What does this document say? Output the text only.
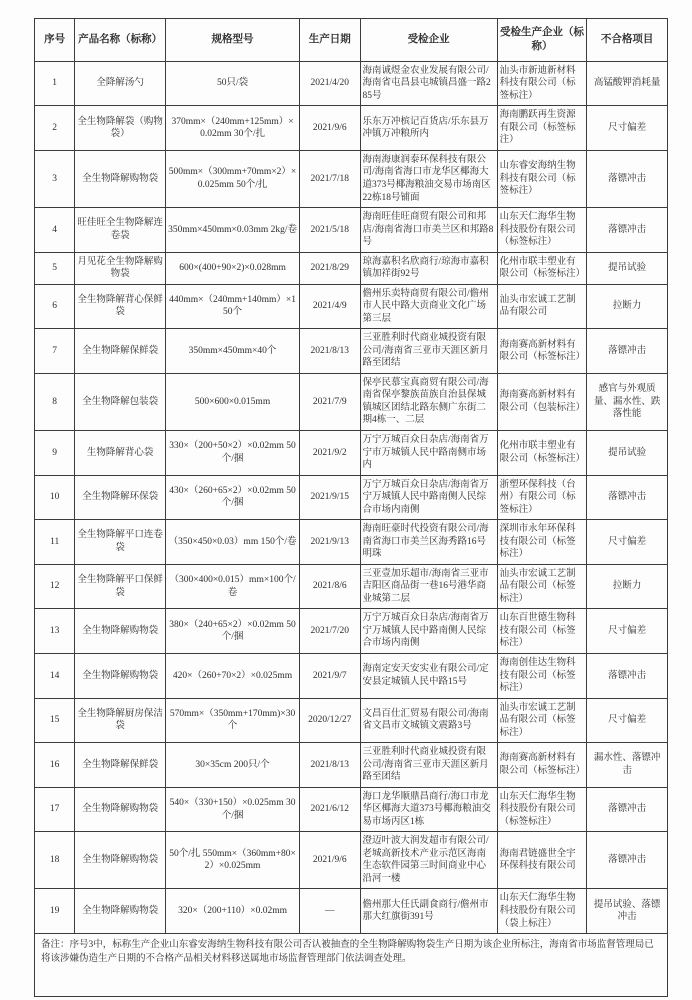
序号	产品名称（标称）	规格型号	生产日期	受检企业	受检生产企业（标称）	不合格项目
1	全降解汤勺	50只/袋	2021/4/20	海南诚煜金农业发展有限公司/海南省屯昌县屯城镇昌盛一路285号	汕头市新迪新材料科技有限公司（标签标注）	高锰酸钾消耗量
2	全生物降解袋（购物袋）	370mm×（240mm+125mm）×0.02mm 30个/扎	2021/9/6	乐东万冲槟记百货店/乐东县万冲镇万冲粮所内	海南鹏跃再生资源有限公司（标签标注）	尺寸偏差
3	全生物降解购物袋	500mm×（300mm+70mm×2）×0.025mm 50个/扎	2021/7/18	海南海康润泰环保科技有限公司/海南省海口市龙华区椰海大道373号椰海粮油交易市场南区22栋18号铺面	山东睿安海纳生物科技有限公司（标签标注）	落镖冲击
4	旺佳旺全生物降解连卷袋	350mm×450mm×0.03mm 2kg/卷	2021/5/18	海南旺佳旺商贸有限公司和邦店/海南省海口市美兰区和邦路8号	山东天仁海华生物科技股份有限公司（标签标注）	落镖冲击
5	月见花全生物降解购物袋	600×(400+90×2)×0.028mm	2021/8/29	琼海嘉积名欣商行/琼海市嘉积镇加祥街92号	化州市联丰塑业有限公司（标签标注）	提吊试验
6	全生物降解背心保鲜袋	440mm×（240mm+140mm）×150个	2021/4/9	儋州乐卖特商贸有限公司/儋州市人民中路大贡商业文化广场第三层	汕头市宏诚工艺制品有限公司	拉断力
7	全生物降解保鲜袋	350mm×450mm×40个	2021/8/13	三亚胜利时代商业城投资有限公司/海南省三亚市天涯区新月路至团结	海南赛高新材料有限公司（标签标注）	落镖冲击
8	全生物降解包装袋	500×600×0.015mm	2021/7/9	保亭民慕宝真商贸有限公司/海南省保亭黎族苗族自治县保城镇城区团结北路东侧广东街二期4栋一、二层	海南赛高新材料有限公司（包装标注）	感官与外观质量、漏水性、跌落性能
9	生物降解背心袋	330×（200+50×2）×0.02mm 50个/捆	2021/9/2	万宁万城百众日杂店/海南省万宁市万城镇人民中路南侧市场内	化州市联丰塑业有限公司（标签标注）	提吊试验
10	全生物降解环保袋	430×（260+65×2）×0.02mm 50个/捆	2021/9/15	万宁万城百众日杂店/海南省万宁万城镇人民中路南侧人民综合市场内南侧	浙塑环保科技（台州）有限公司（标签标注）	落镖冲击
11	全生物降解平口连卷袋	（350×450×0.03）mm 150个/卷	2021/9/13	海南旺豪时代投资有限公司/海南省海口市美兰区海秀路16号明珠	深圳市永年环保科技有限公司（标签标注）	尺寸偏差
12	全生物降解平口保鲜袋	（300×400×0.015）mm×100个/卷	2021/8/6	三亚壹加乐超市/海南省三亚市吉阳区商品街一巷16号港华商业城第二层	汕头市宏诚工艺制品有限公司（标签标注）	拉断力
13	全生物降解购物袋	380×（240+65×2）×0.02mm 50个/捆	2021/7/20	万宁万城百众日杂店/海南省万宁万城镇人民中路南侧人民综合市场内南侧	山东百世德生物科技有限公司（标签标注）	尺寸偏差
14	全生物降解购物袋	420×（260+70×2）×0.025mm	2021/9/7	海南定安天安实业有限公司/定安县定城镇人民中路15号	海南创佳达生物科技有限公司（标签标注）	落镖冲击
15	全生物降解厨房保洁袋	570mm×（350mm+170mm)×30个	2020/12/27	文昌百仕汇贸易有限公司/海南省文昌市文城镇文震路3号	汕头市宏诚工艺制品有限公司（标签标注）	尺寸偏差
16	全生物降解保鲜袋	30×35cm 200只/个	2021/8/13	三亚胜利时代商业城投资有限公司/海南省三亚市天涯区新月路至团结	海南赛高新材料有限公司（标签标注）	漏水性、落镖冲击
17	全生物降解购物袋	540×（330+150）×0.025mm 30个/捆	2021/6/12	海口龙华顺鼎昌商行/海口市龙华区椰海大道373号椰海粮油交易市场丙区1栋	山东天仁海华生物科技股份有限公司（标签标注）	落镖冲击
18	全生物降解购物袋	50个/扎 550mm×（360mm+80×2）×0.025mm	2021/9/6	澄迈叶波大润发超市有限公司/老城高新技术产业示范区海南生态软件园第三时间商业中心沿河一楼	海南君链盛世全宇环保科技有限公司	落镖冲击
19	全生物降解购物袋	320×（200+110）×0.02mm	—	儋州那大任氏副食商行/儋州市那大红旗街391号	山东天仁海华生物科技股份有限公司（袋上标注）	提吊试验、落镖冲击
备注：序号3中，标称生产企业山东睿安海纳生物科技有限公司否认被抽查的全生物降解购物袋生产日期为该企业所标注，海南省市场监督管理局已将该涉嫌伪造生产日期的不合格产品相关材料移送属地市场监督管理部门依法调查处理。						
